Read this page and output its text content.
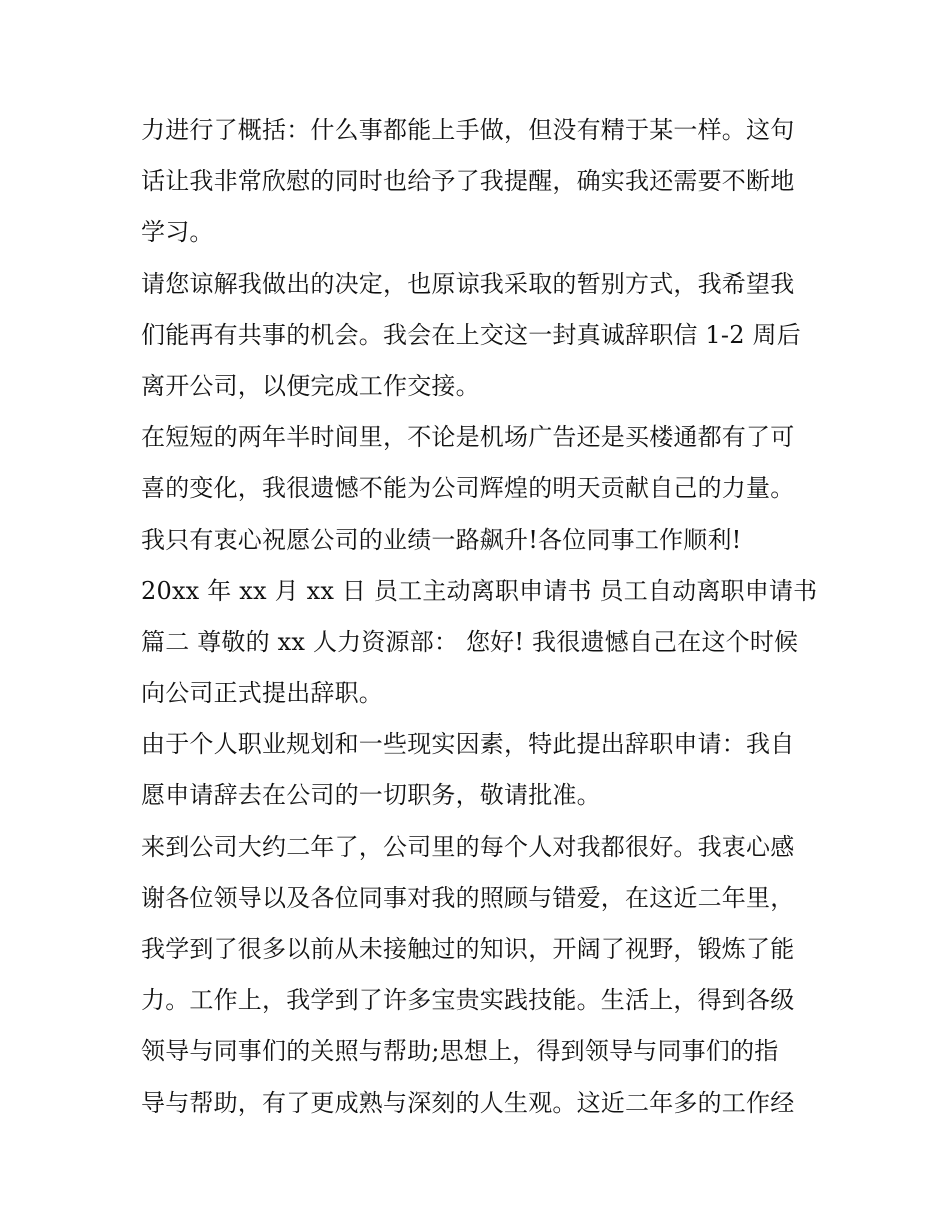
力进行了概括：什么事都能上手做，但没有精于某一样。这句
话让我非常欣慰的同时也给予了我提醒，确实我还需要不断地
学习。
请您谅解我做出的决定，也原谅我采取的暂别方式，我希望我
们能再有共事的机会。我会在上交这一封真诚辞职信 1-2 周后
离开公司，以便完成工作交接。
在短短的两年半时间里，不论是机场广告还是买楼通都有了可
喜的变化，我很遗憾不能为公司辉煌的明天贡献自己的力量。
我只有衷心祝愿公司的业绩一路飙升!各位同事工作顺利!
20xx 年 xx 月 xx 日 员工主动离职申请书 员工自动离职申请书
篇二 尊敬的 xx 人力资源部： 您好! 我很遗憾自己在这个时候
向公司正式提出辞职。
由于个人职业规划和一些现实因素，特此提出辞职申请：我自
愿申请辞去在公司的一切职务，敬请批准。
来到公司大约二年了，公司里的每个人对我都很好。我衷心感
谢各位领导以及各位同事对我的照顾与错爱，在这近二年里，
我学到了很多以前从未接触过的知识，开阔了视野，锻炼了能
力。工作上，我学到了许多宝贵实践技能。生活上，得到各级
领导与同事们的关照与帮助;思想上，得到领导与同事们的指
导与帮助，有了更成熟与深刻的人生观。这近二年多的工作经
